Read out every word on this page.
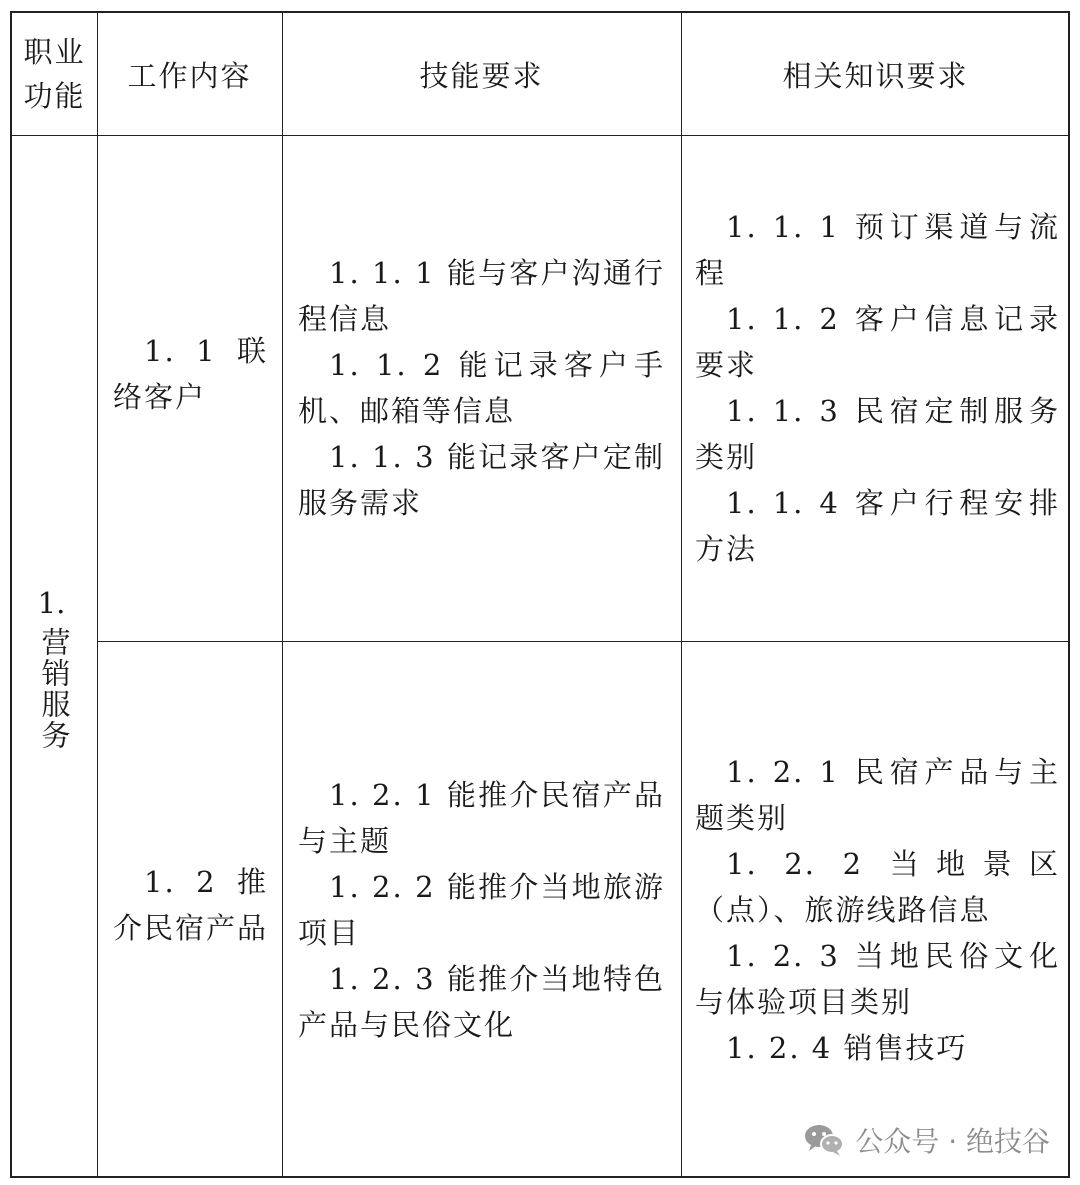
职业
功能
工作内容	技能要求	相关知识要求
1.
营销服务
1. 1 联络客户
1. 1. 1 能与客户沟通行程信息
1. 1. 2 能记录客户手机、邮箱等信息
1. 1. 3 能记录客户定制服务需求
1. 1. 1 预订渠道与流程
1. 1. 2 客户信息记录要求
1. 1. 3 民宿定制服务类别
1. 1. 4 客户行程安排方法
1. 2 推介民宿产品
1. 2. 1 能推介民宿产品与主题
1. 2. 2 能推介当地旅游项目
1. 2. 3 能推介当地特色产品与民俗文化
1. 2. 1 民宿产品与主题类别
1. 2. 2 当地景区（点）、旅游线路信息
1. 2. 3 当地民俗文化与体验项目类别
1. 2. 4 销售技巧
公众号 · 绝技谷
